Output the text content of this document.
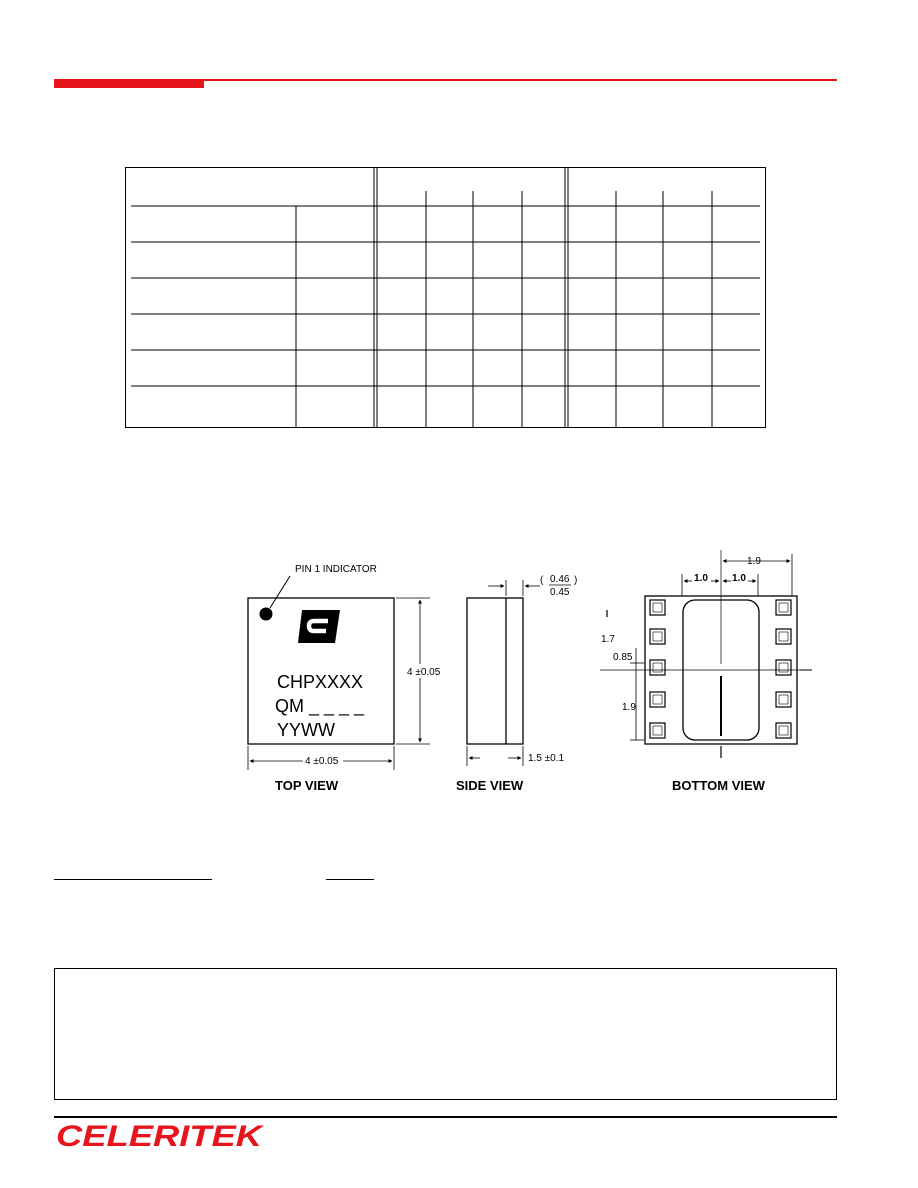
PIN 1 INDICATOR
CHPXXXX
QM _ _ _ _
YYWW
4 ±0.05
4 ±0.05
TOP VIEW
( 0.46
0.45
)
1.5 ±0.1
SIDE VIEW
1.9
1.0 1.0
1.7
0.85
1.9
BOTTOM VIEW
CELERITEK
